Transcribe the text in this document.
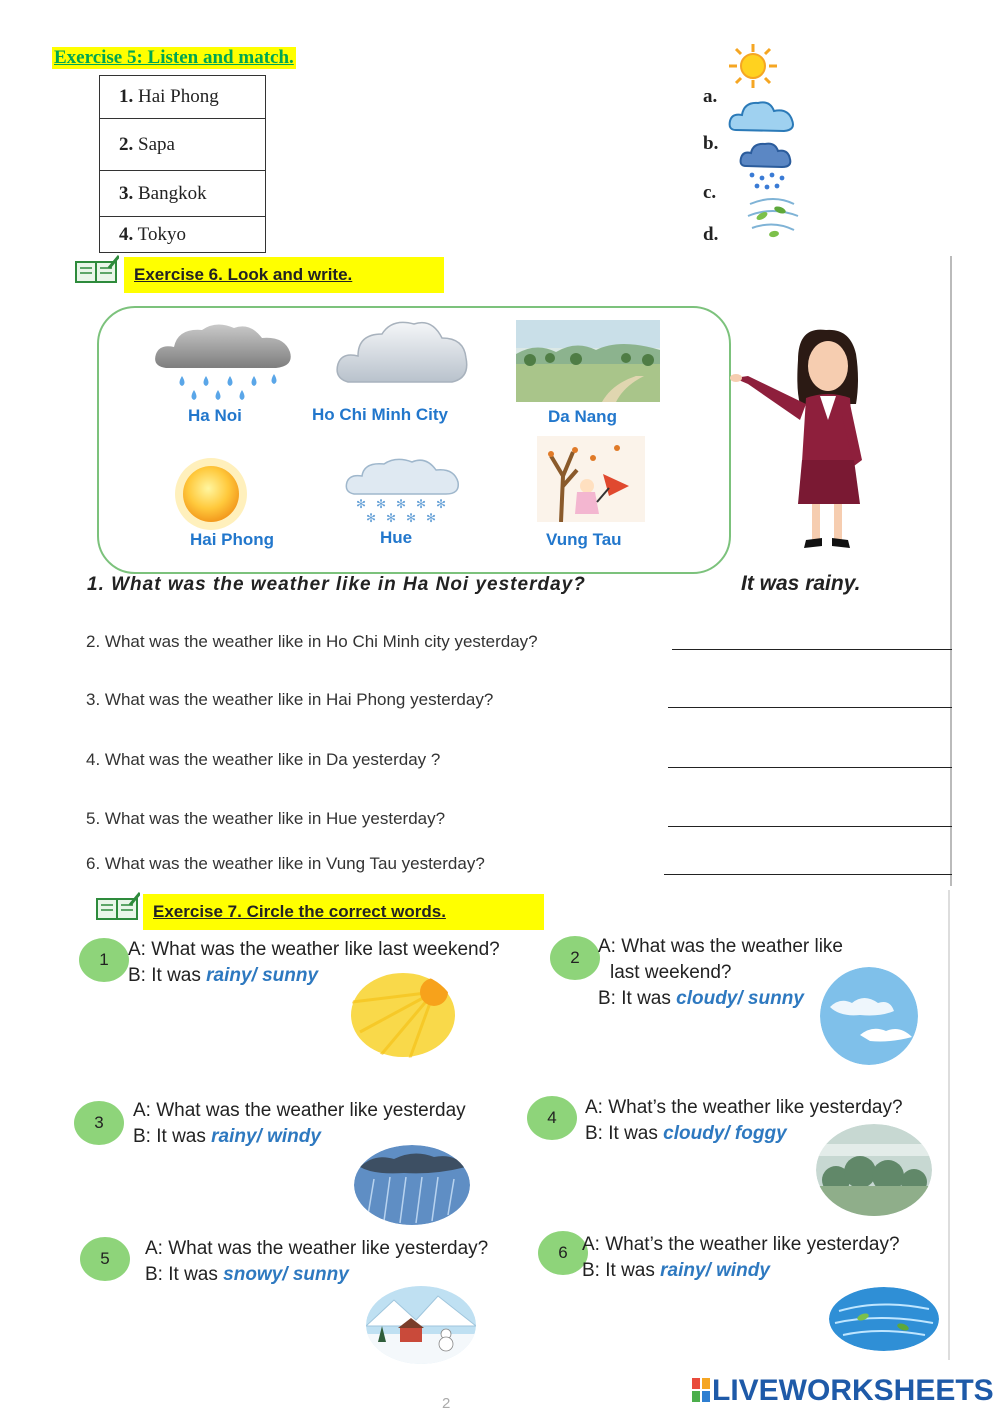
Exercise 5: Listen and match.
1. Hai Phong
2. Sapa
3. Bangkok
4. Tokyo
a.
b.
c.
d.
Exercise 6. Look and write.
Ha Noi	Ho Chi Minh City	Da Nang
Hai Phong
✻ ✻ ✻ ✻ ✻
✻ ✻ ✻ ✻
Hue	Vung Tau
1. What was the weather like in Ha Noi yesterday?	It was rainy.
2. What was the weather like in Ho Chi Minh city yesterday?
3. What was the weather like in Hai Phong yesterday?
4. What was the weather like in Da yesterday ?
5. What was the weather like in Hue yesterday?
6. What was the weather like in Vung Tau yesterday?
Exercise 7. Circle the correct words.
1	A: What was the weather like last weekend?
B: It was rainy/ sunny
2
A: What was the weather like
last weekend?
B: It was cloudy/ sunny
3
A: What was the weather like yesterday
B: It was rainy/ windy
4	A: What’s the weather like yesterday?
B: It was cloudy/ foggy
5	A: What was the weather like yesterday?
B: It was snowy/ sunny
6 A: What’s the weather like yesterday?
B: It was rainy/ windy
2	LIVEWORKSHEETS
